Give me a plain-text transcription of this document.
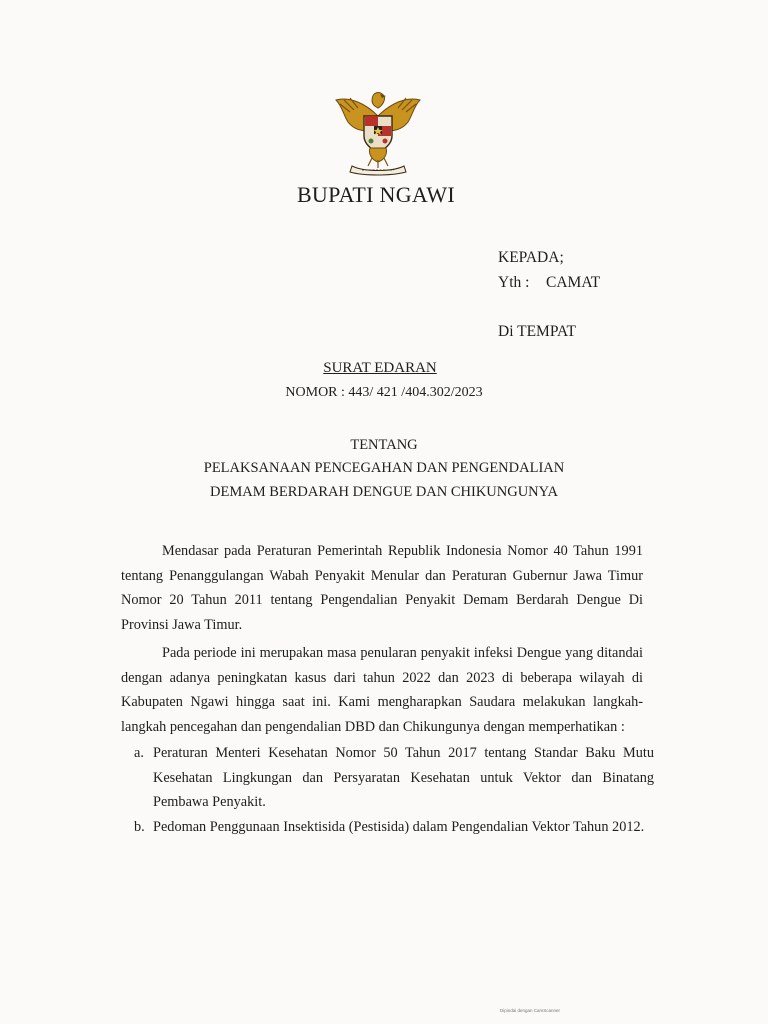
BUPATI NGAWI
KEPADA;
Yth : CAMAT
Di TEMPAT
SURAT EDARAN
NOMOR : 443/ 421 /404.302/2023
TENTANG
PELAKSANAAN PENCEGAHAN DAN PENGENDALIAN
DEMAM BERDARAH DENGUE DAN CHIKUNGUNYA
Mendasar pada Peraturan Pemerintah Republik Indonesia Nomor 40 Tahun 1991 tentang Penanggulangan Wabah Penyakit Menular dan Peraturan Gubernur Jawa Timur Nomor 20 Tahun 2011 tentang Pengendalian Penyakit Demam Berdarah Dengue Di Provinsi Jawa Timur.
Pada periode ini merupakan masa penularan penyakit infeksi Dengue yang ditandai dengan adanya peningkatan kasus dari tahun 2022 dan 2023 di beberapa wilayah di Kabupaten Ngawi hingga saat ini. Kami mengharapkan Saudara melakukan langkah-langkah pencegahan dan pengendalian DBD dan Chikungunya dengan memperhatikan :
a. Peraturan Menteri Kesehatan Nomor 50 Tahun 2017 tentang Standar Baku Mutu Kesehatan Lingkungan dan Persyaratan Kesehatan untuk Vektor dan Binatang Pembawa Penyakit.
b. Pedoman Penggunaan Insektisida (Pestisida) dalam Pengendalian Vektor Tahun 2012.
Dipindai dengan CamScanner
